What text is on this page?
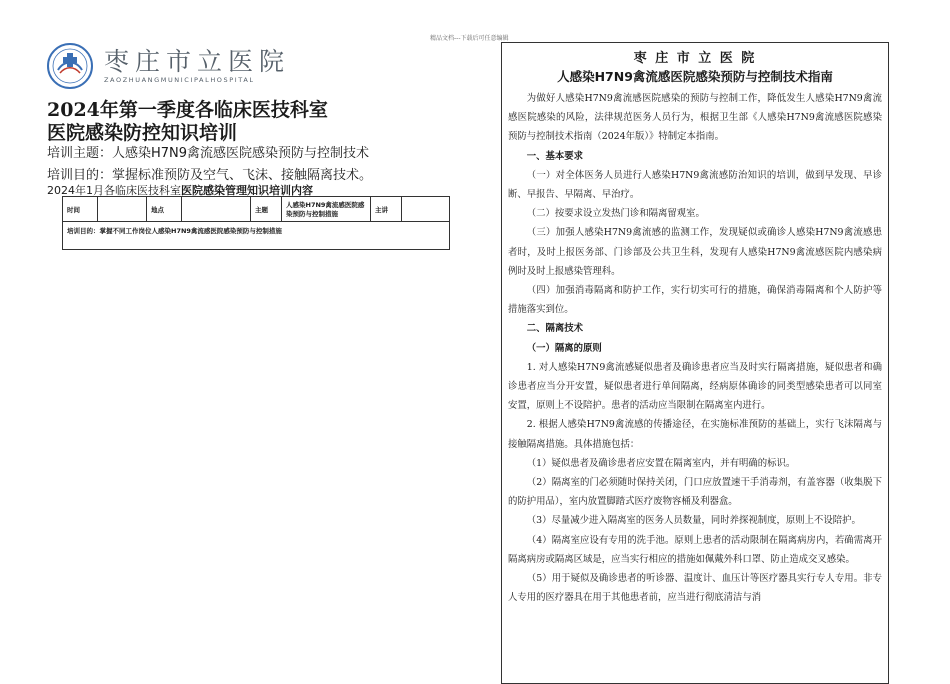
精品文档---下载后可任意编辑
枣庄市立医院
ZAOZHUANGMUNICIPALHOSPITAL
2024年第一季度各临床医技科室
医院感染防控知识培训
培训主题：人感染H7N9禽流感医院感染预防与控制技术
培训目的：掌握标准预防及空气、飞沫、接触隔离技术。
2024年1月各临床医技科室医院感染管理知识培训内容
时间		地点		主题	人感染H7N9禽流感医院感染预防与控制措施	主讲	
培训目的：掌握不同工作岗位人感染H7N9禽流感医院感染预防与控制措施
枣 庄 市 立 医 院
人感染H7N9禽流感医院感染预防与控制技术指南

为做好人感染H7N9禽流感医院感染的预防与控制工作，降低发生人感染H7N9禽流感医院感染的风险，法律规范医务人员行为，根据卫生部《人感染H7N9禽流感医院感染预防与控制技术指南（2024年版）》特制定本指南。

一、基本要求

（一）对全体医务人员进行人感染H7N9禽流感防治知识的培训，做到早发现、早诊断、早报告、早隔离、早治疗。

（二）按要求设立发热门诊和隔离留观室。

（三）加强人感染H7N9禽流感的监测工作，发现疑似或确诊人感染H7N9禽流感患者时，及时上报医务部、门诊部及公共卫生科，发现有人感染H7N9禽流感医院内感染病例时及时上报感染管理科。

（四）加强消毒隔离和防护工作，实行切实可行的措施，确保消毒隔离和个人防护等措施落实到位。

二、隔离技术

（一）隔离的原则

1. 对人感染H7N9禽流感疑似患者及确诊患者应当及时实行隔离措施，疑似患者和确诊患者应当分开安置，疑似患者进行单间隔离，经病原体确诊的同类型感染患者可以同室安置，原则上不设陪护。患者的活动应当限制在隔离室内进行。

2. 根据人感染H7N9禽流感的传播途径，在实施标准预防的基础上，实行飞沫隔离与接触隔离措施。具体措施包括：

（1）疑似患者及确诊患者应安置在隔离室内，并有明确的标识。

（2）隔离室的门必须随时保持关闭，门口应放置速干手消毒剂，有盖容器（收集脱下的防护用品），室内放置脚踏式医疗废物容桶及利器盒。

（3）尽量减少进入隔离室的医务人员数量，同时养探视制度，原则上不设陪护。

（4）隔离室应设有专用的洗手池。原则上患者的活动限制在隔离病房内，若确需离开隔离病房或隔离区域是，应当实行相应的措施如佩戴外科口罩、防止造成交叉感染。

（5）用于疑似及确诊患者的听诊器、温度计、血压计等医疗器具实行专人专用。非专人专用的医疗器具在用于其他患者前，应当进行彻底清洁与消
